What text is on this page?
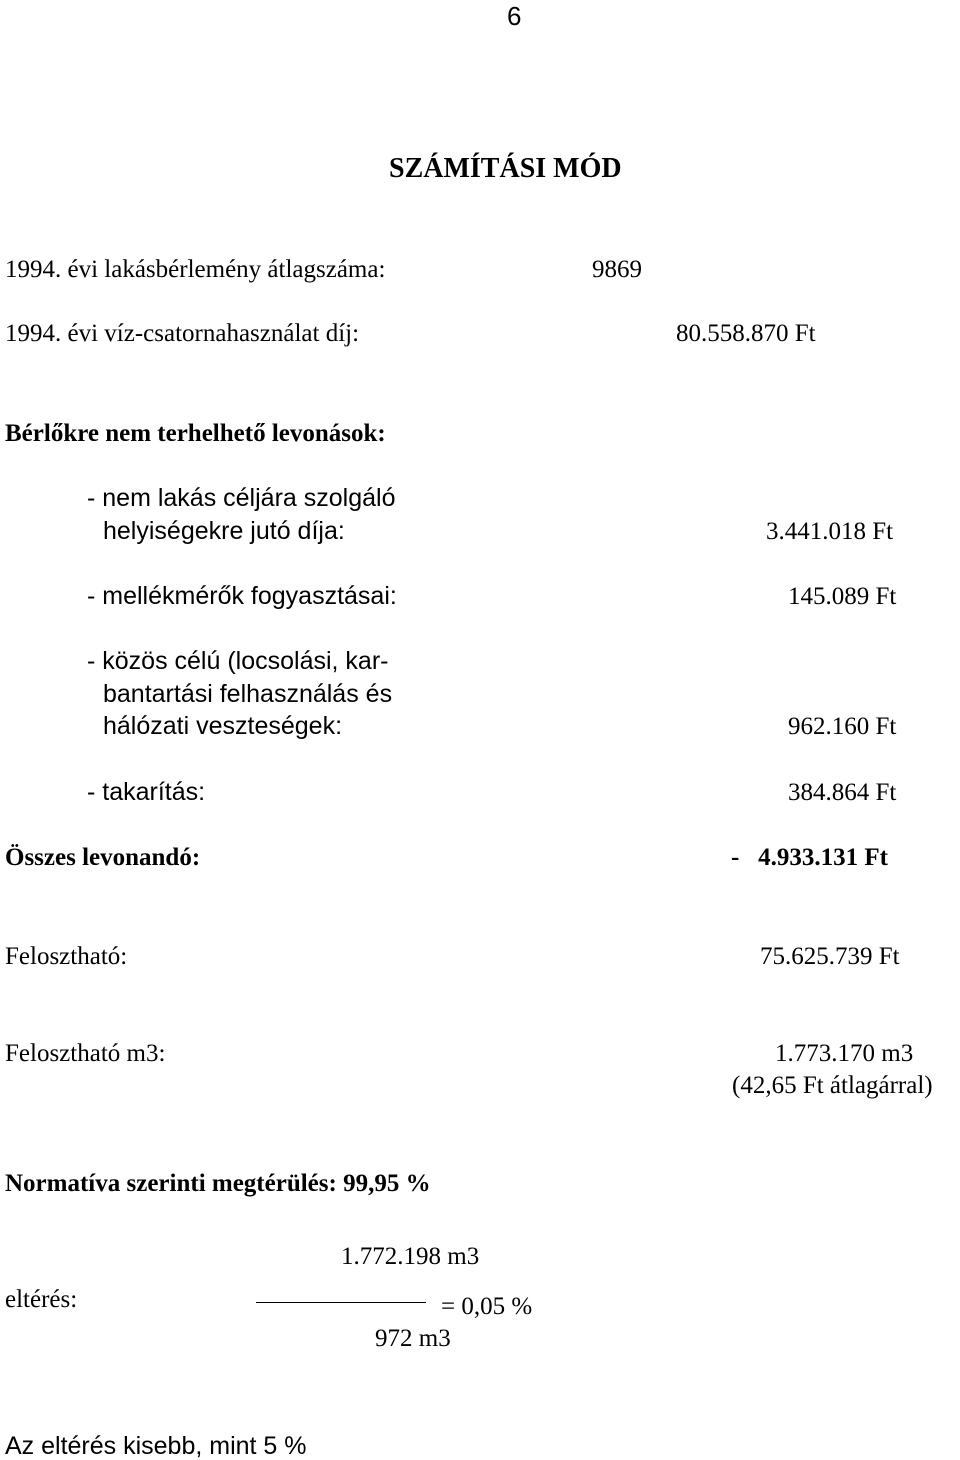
6
SZÁMÍTÁSI MÓD
1994. évi lakásbérlemény átlagszáma:	9869
1994. évi víz-csatornahasználat díj:	80.558.870 Ft
Bérlőkre nem terhelhető levonások:
- nem lakás céljára szolgáló
helyiségekre jutó díja:	3.441.018 Ft
- mellékmérők fogyasztásai:	145.089 Ft
- közös célú (locsolási, kar-
bantartási felhasználás és
hálózati veszteségek:	962.160 Ft
- takarítás:	384.864 Ft
Összes levonandó:	-   4.933.131 Ft
Felosztható:	75.625.739 Ft
Felosztható m3:	1.773.170 m3
(42,65 Ft átlagárral)
Normatíva szerinti megtérülés: 99,95 %
1.772.198 m3
eltérés:	= 0,05 %
972 m3
Az eltérés kisebb, mint 5 %
